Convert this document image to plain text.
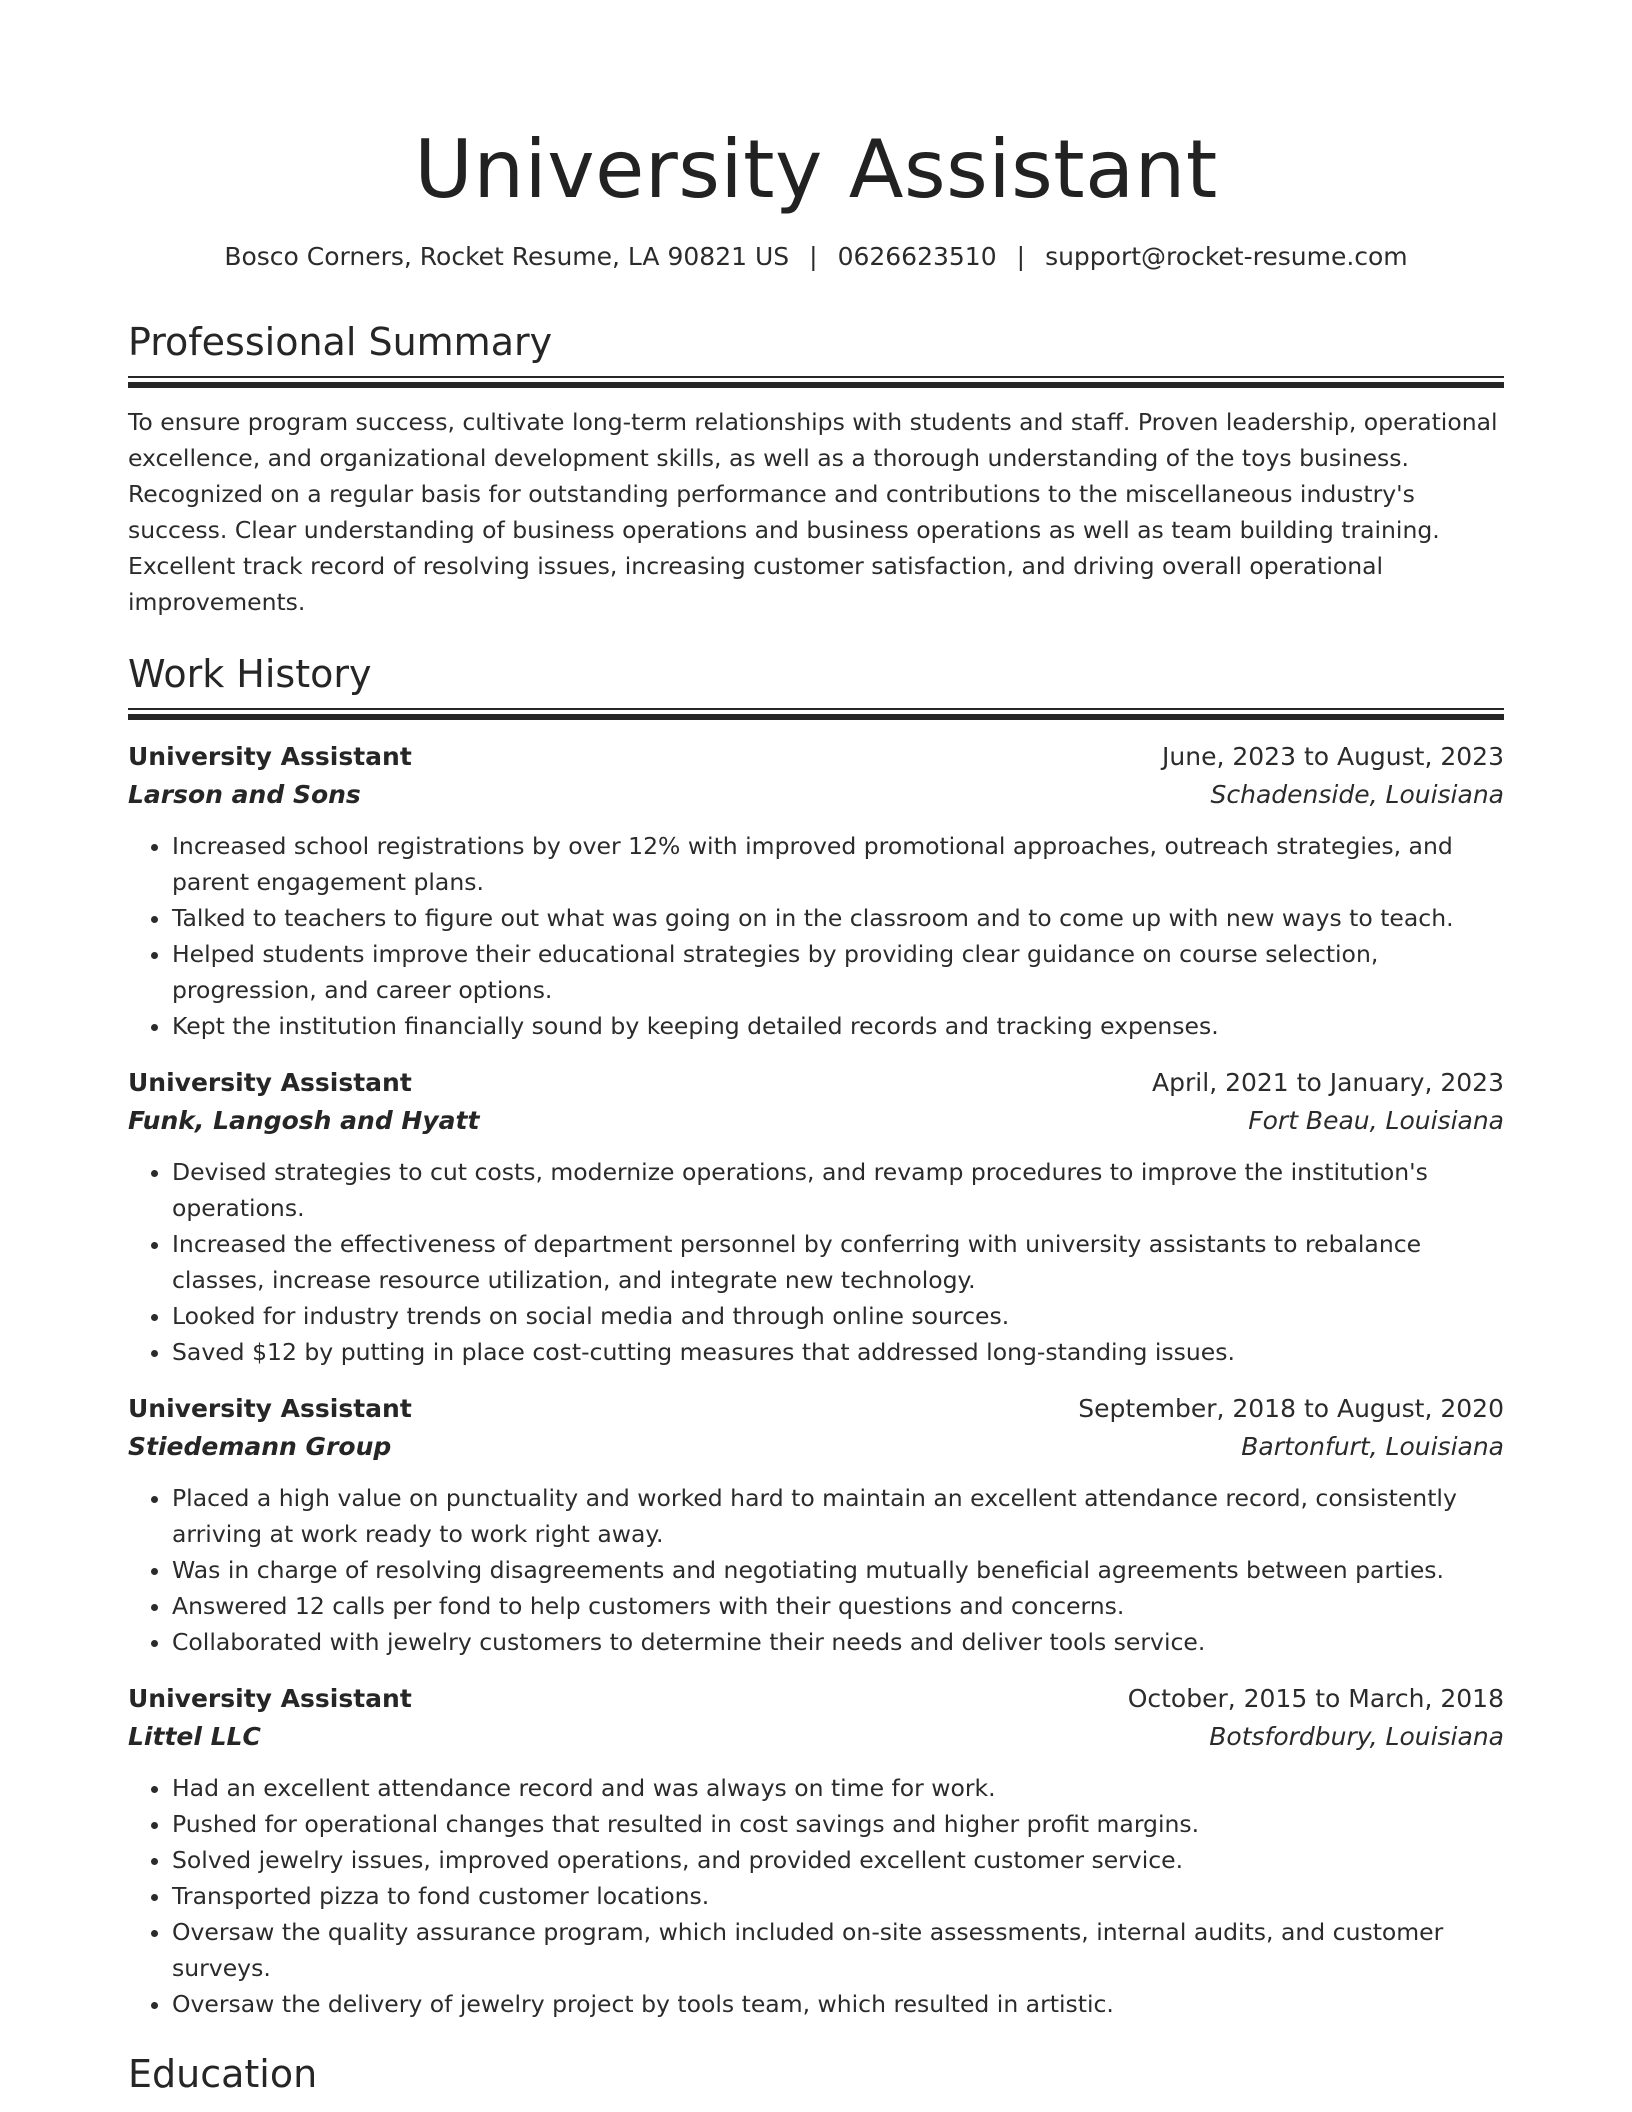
University Assistant
Bosco Corners, Rocket Resume, LA 90821 US | 0626623510 | support@rocket-resume.com
Professional Summary
To ensure program success, cultivate long-term relationships with students and staff. Proven leadership, operational excellence, and organizational development skills, as well as a thorough understanding of the toys business. Recognized on a regular basis for outstanding performance and contributions to the miscellaneous industry's success. Clear understanding of business operations and business operations as well as team building training. Excellent track record of resolving issues, increasing customer satisfaction, and driving overall operational improvements.
Work History
University Assistant	June, 2023 to August, 2023
Larson and Sons	Schadenside, Louisiana
• Increased school registrations by over 12% with improved promotional approaches, outreach strategies, and parent engagement plans.
• Talked to teachers to figure out what was going on in the classroom and to come up with new ways to teach.
• Helped students improve their educational strategies by providing clear guidance on course selection, progression, and career options.
• Kept the institution financially sound by keeping detailed records and tracking expenses.
University Assistant	April, 2021 to January, 2023
Funk, Langosh and Hyatt	Fort Beau, Louisiana
• Devised strategies to cut costs, modernize operations, and revamp procedures to improve the institution's operations.
• Increased the effectiveness of department personnel by conferring with university assistants to rebalance classes, increase resource utilization, and integrate new technology.
• Looked for industry trends on social media and through online sources.
• Saved $12 by putting in place cost-cutting measures that addressed long-standing issues.
University Assistant	September, 2018 to August, 2020
Stiedemann Group	Bartonfurt, Louisiana
• Placed a high value on punctuality and worked hard to maintain an excellent attendance record, consistently arriving at work ready to work right away.
• Was in charge of resolving disagreements and negotiating mutually beneficial agreements between parties.
• Answered 12 calls per fond to help customers with their questions and concerns.
• Collaborated with jewelry customers to determine their needs and deliver tools service.
University Assistant	October, 2015 to March, 2018
Littel LLC	Botsfordbury, Louisiana
• Had an excellent attendance record and was always on time for work.
• Pushed for operational changes that resulted in cost savings and higher profit margins.
• Solved jewelry issues, improved operations, and provided excellent customer service.
• Transported pizza to fond customer locations.
• Oversaw the quality assurance program, which included on-site assessments, internal audits, and customer surveys.
• Oversaw the delivery of jewelry project by tools team, which resulted in artistic.
Education
